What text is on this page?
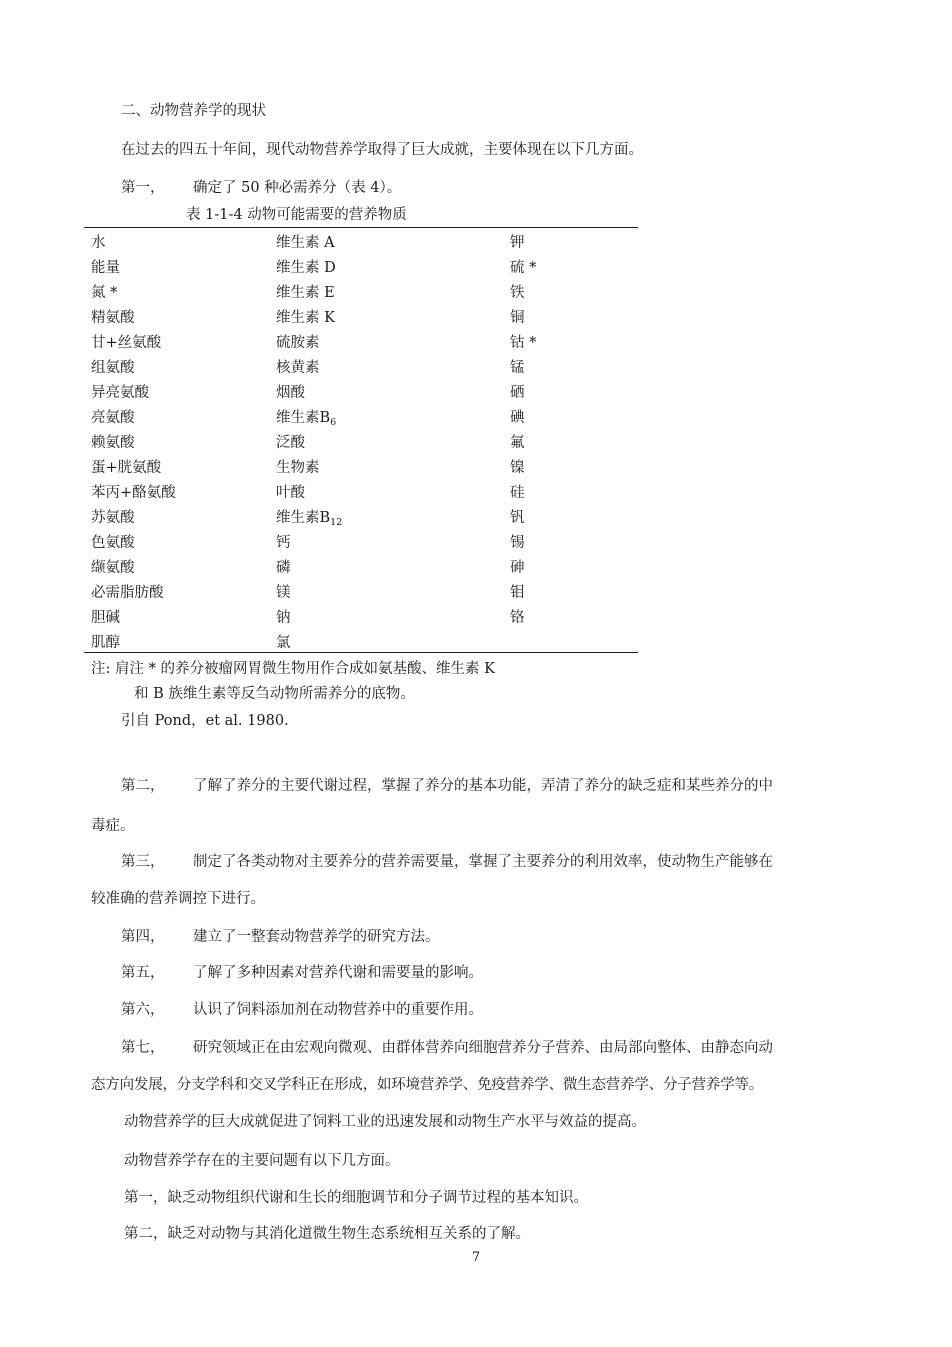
二、动物营养学的现状
在过去的四五十年间，现代动物营养学取得了巨大成就，主要体现在以下几方面。
第一， 确定了 50 种必需养分（表 4）。
表 1-1-4 动物可能需要的营养物质
水
能量
氮 *
精氨酸
甘+丝氨酸
组氨酸
异亮氨酸
亮氨酸
赖氨酸
蛋+胱氨酸
苯丙+酪氨酸
苏氨酸
色氨酸
缬氨酸
必需脂肪酸
胆碱
肌醇
维生素 A
维生素 D
维生素 E
维生素 K
硫胺素
核黄素
烟酸
维生素$B_6$
泛酸
生物素
叶酸
维生素$B_{12}$
钙
磷
镁
钠
氯
钾
硫 *
铁
铜
钴 *
锰
硒
碘
氟
镍
硅
钒
锡
砷
钼
铬
注: 肩注 * 的养分被瘤网胃微生物用作合成如氨基酸、维生素 K
和 B 族维生素等反刍动物所需养分的底物。
引自 Pond，et al. 1980.
第二， 了解了养分的主要代谢过程，掌握了养分的基本功能，弄清了养分的缺乏症和某些养分的中
毒症。
第三， 制定了各类动物对主要养分的营养需要量，掌握了主要养分的利用效率，使动物生产能够在
较准确的营养调控下进行。
第四， 建立了一整套动物营养学的研究方法。
第五， 了解了多种因素对营养代谢和需要量的影响。
第六， 认识了饲料添加剂在动物营养中的重要作用。
第七， 研究领域正在由宏观向微观、由群体营养向细胞营养分子营养、由局部向整体、由静态向动
态方向发展，分支学科和交叉学科正在形成，如环境营养学、免疫营养学、微生态营养学、分子营养学等。
动物营养学的巨大成就促进了饲料工业的迅速发展和动物生产水平与效益的提高。
动物营养学存在的主要问题有以下几方面。
第一，缺乏动物组织代谢和生长的细胞调节和分子调节过程的基本知识。
第二，缺乏对动物与其消化道微生物生态系统相互关系的了解。
7
